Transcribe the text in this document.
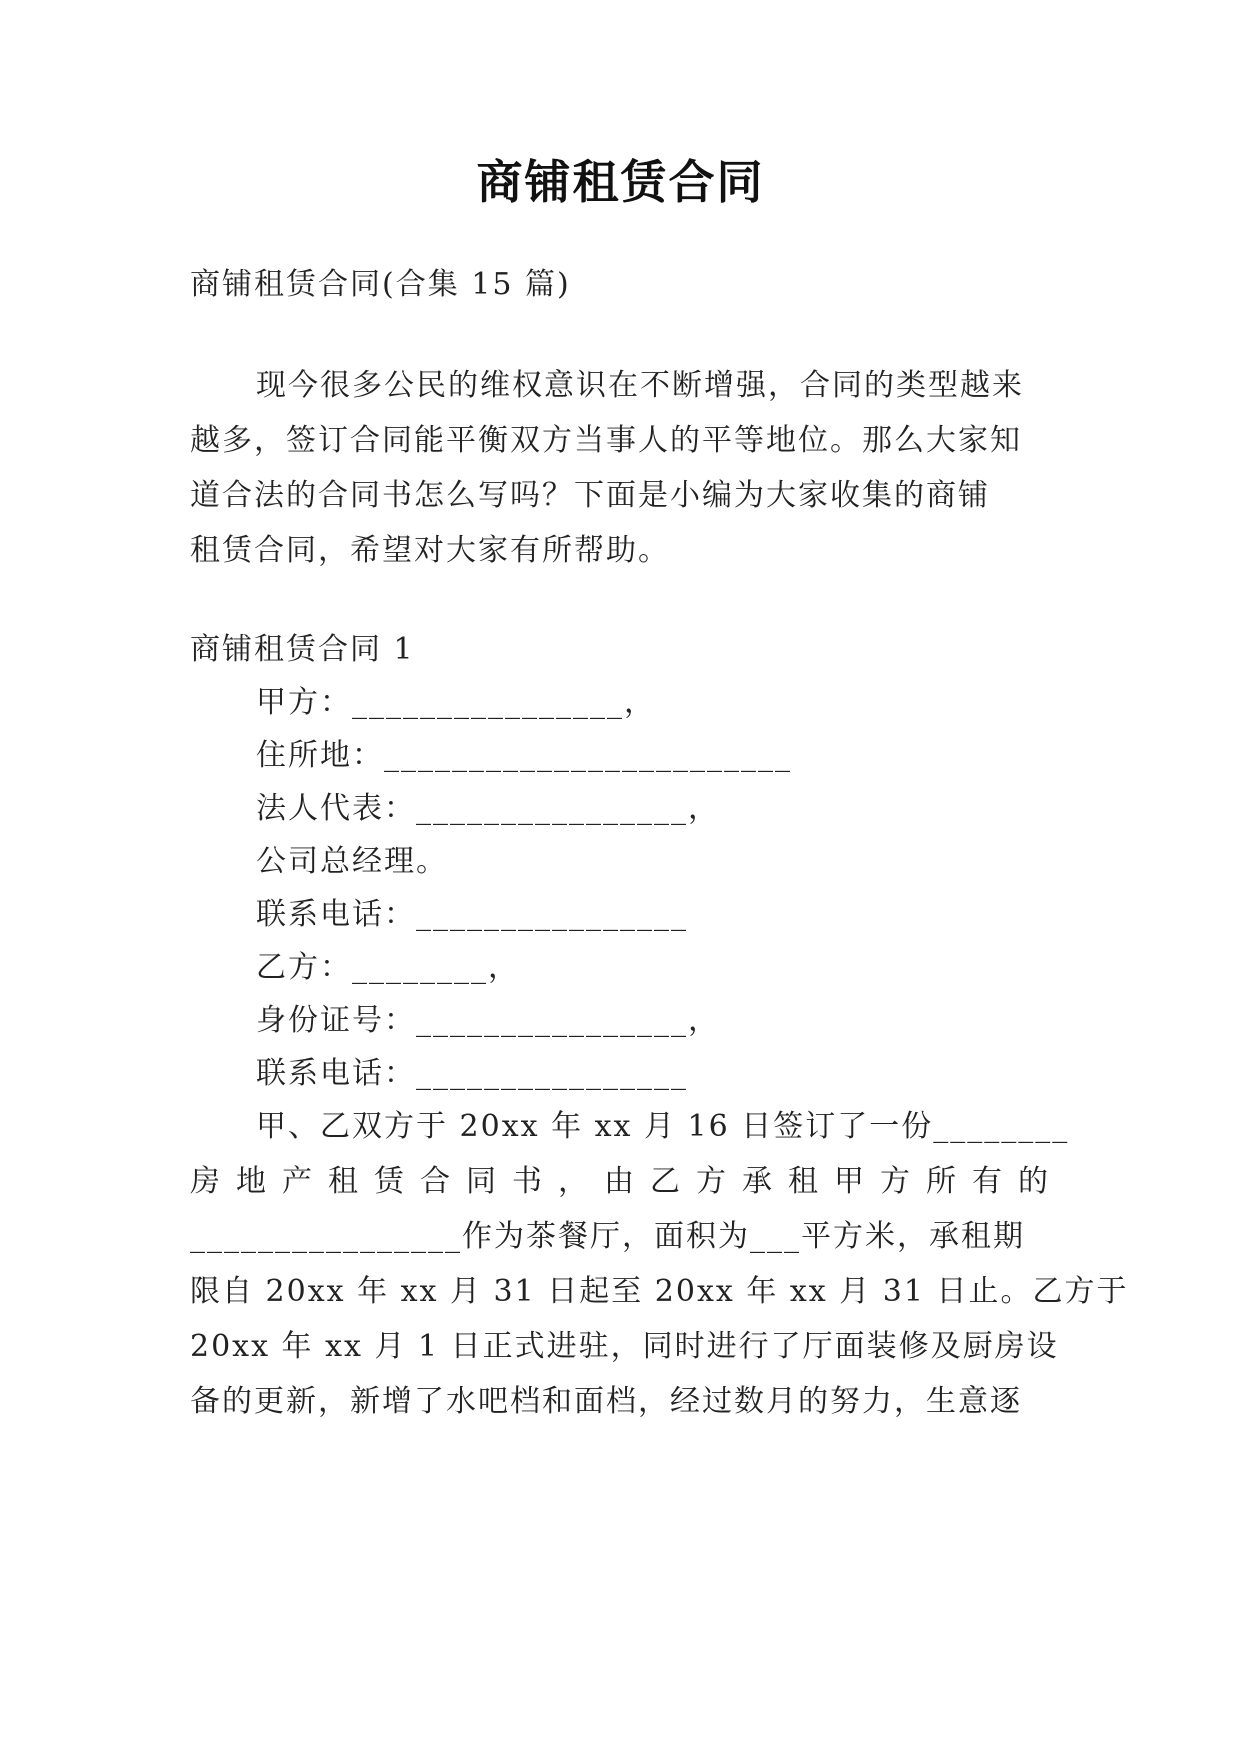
商铺租赁合同
商铺租赁合同(合集 15 篇)
现今很多公民的维权意识在不断增强，合同的类型越来
越多，签订合同能平衡双方当事人的平等地位。那么大家知
道合法的合同书怎么写吗？下面是小编为大家收集的商铺
租赁合同，希望对大家有所帮助。
商铺租赁合同 1
甲方：________________，
住所地：________________________
法人代表：________________，
公司总经理。
联系电话：________________
乙方：________，
身份证号：________________，
联系电话：________________
甲、乙双方于 20xx 年 xx 月 16 日签订了一份________
房地产租赁合同书，由乙方承租甲方所有的
________________作为茶餐厅，面积为___平方米，承租期
限自 20xx 年 xx 月 31 日起至 20xx 年 xx 月 31 日止。乙方于
20xx 年 xx 月 1 日正式进驻，同时进行了厅面装修及厨房设
备的更新，新增了水吧档和面档，经过数月的努力，生意逐
